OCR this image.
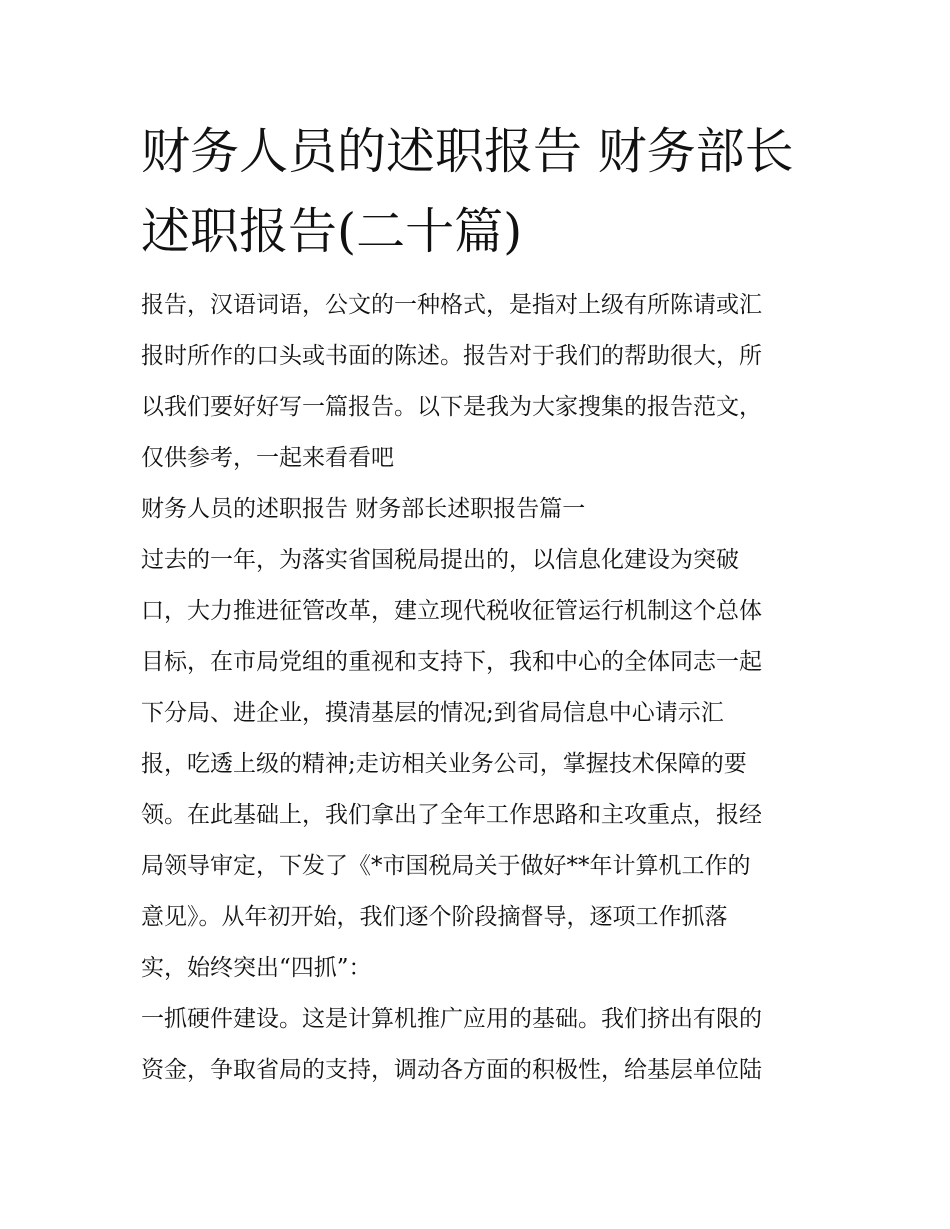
财务人员的述职报告 财务部长
述职报告(二十篇)
报告，汉语词语，公文的一种格式，是指对上级有所陈请或汇
报时所作的口头或书面的陈述。报告对于我们的帮助很大，所
以我们要好好写一篇报告。以下是我为大家搜集的报告范文，
仅供参考，一起来看看吧
财务人员的述职报告 财务部长述职报告篇一
过去的一年，为落实省国税局提出的，以信息化建设为突破
口，大力推进征管改革，建立现代税收征管运行机制这个总体
目标，在市局党组的重视和支持下，我和中心的全体同志一起
下分局、进企业，摸清基层的情况;到省局信息中心请示汇
报，吃透上级的精神;走访相关业务公司，掌握技术保障的要
领。在此基础上，我们拿出了全年工作思路和主攻重点，报经
局领导审定，下发了《*市国税局关于做好**年计算机工作的
意见》。从年初开始，我们逐个阶段摘督导，逐项工作抓落
实，始终突出“四抓”：
一抓硬件建设。这是计算机推广应用的基础。我们挤出有限的
资金，争取省局的支持，调动各方面的积极性，给基层单位陆
